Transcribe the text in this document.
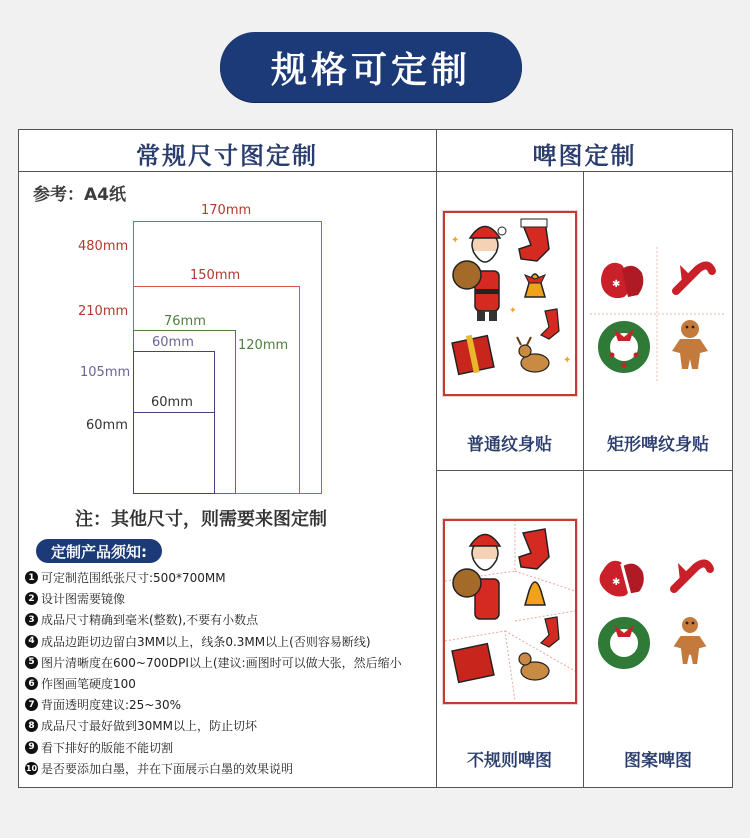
规格可定制
常规尺寸图定制	啤图定制
参考：A4纸
170mm
480mm
150mm
210mm
76mm
120mm
60mm
105mm
60mm
60mm
注：其他尺寸，则需要来图定制
定制产品须知:
1 可定制范围纸张尺寸:500*700MM
2 设计图需要镜像
3 成品尺寸精确到毫米(整数),不要有小数点
4 成品边距切边留白3MM以上，线条0.3MM以上(否则容易断线)
5 图片清晰度在600~700DPI以上(建议:画图时可以做大张，然后缩小
6 作图画笔硬度100
7 背面透明度建议:25~30%
8 成品尺寸最好做到30MM以上，防止切坏
9 看下排好的版能不能切割
10 是否要添加白墨，并在下面展示白墨的效果说明
✦
✦
✦
✱
✱
普通纹身贴	矩形啤纹身贴
不规则啤图	图案啤图
